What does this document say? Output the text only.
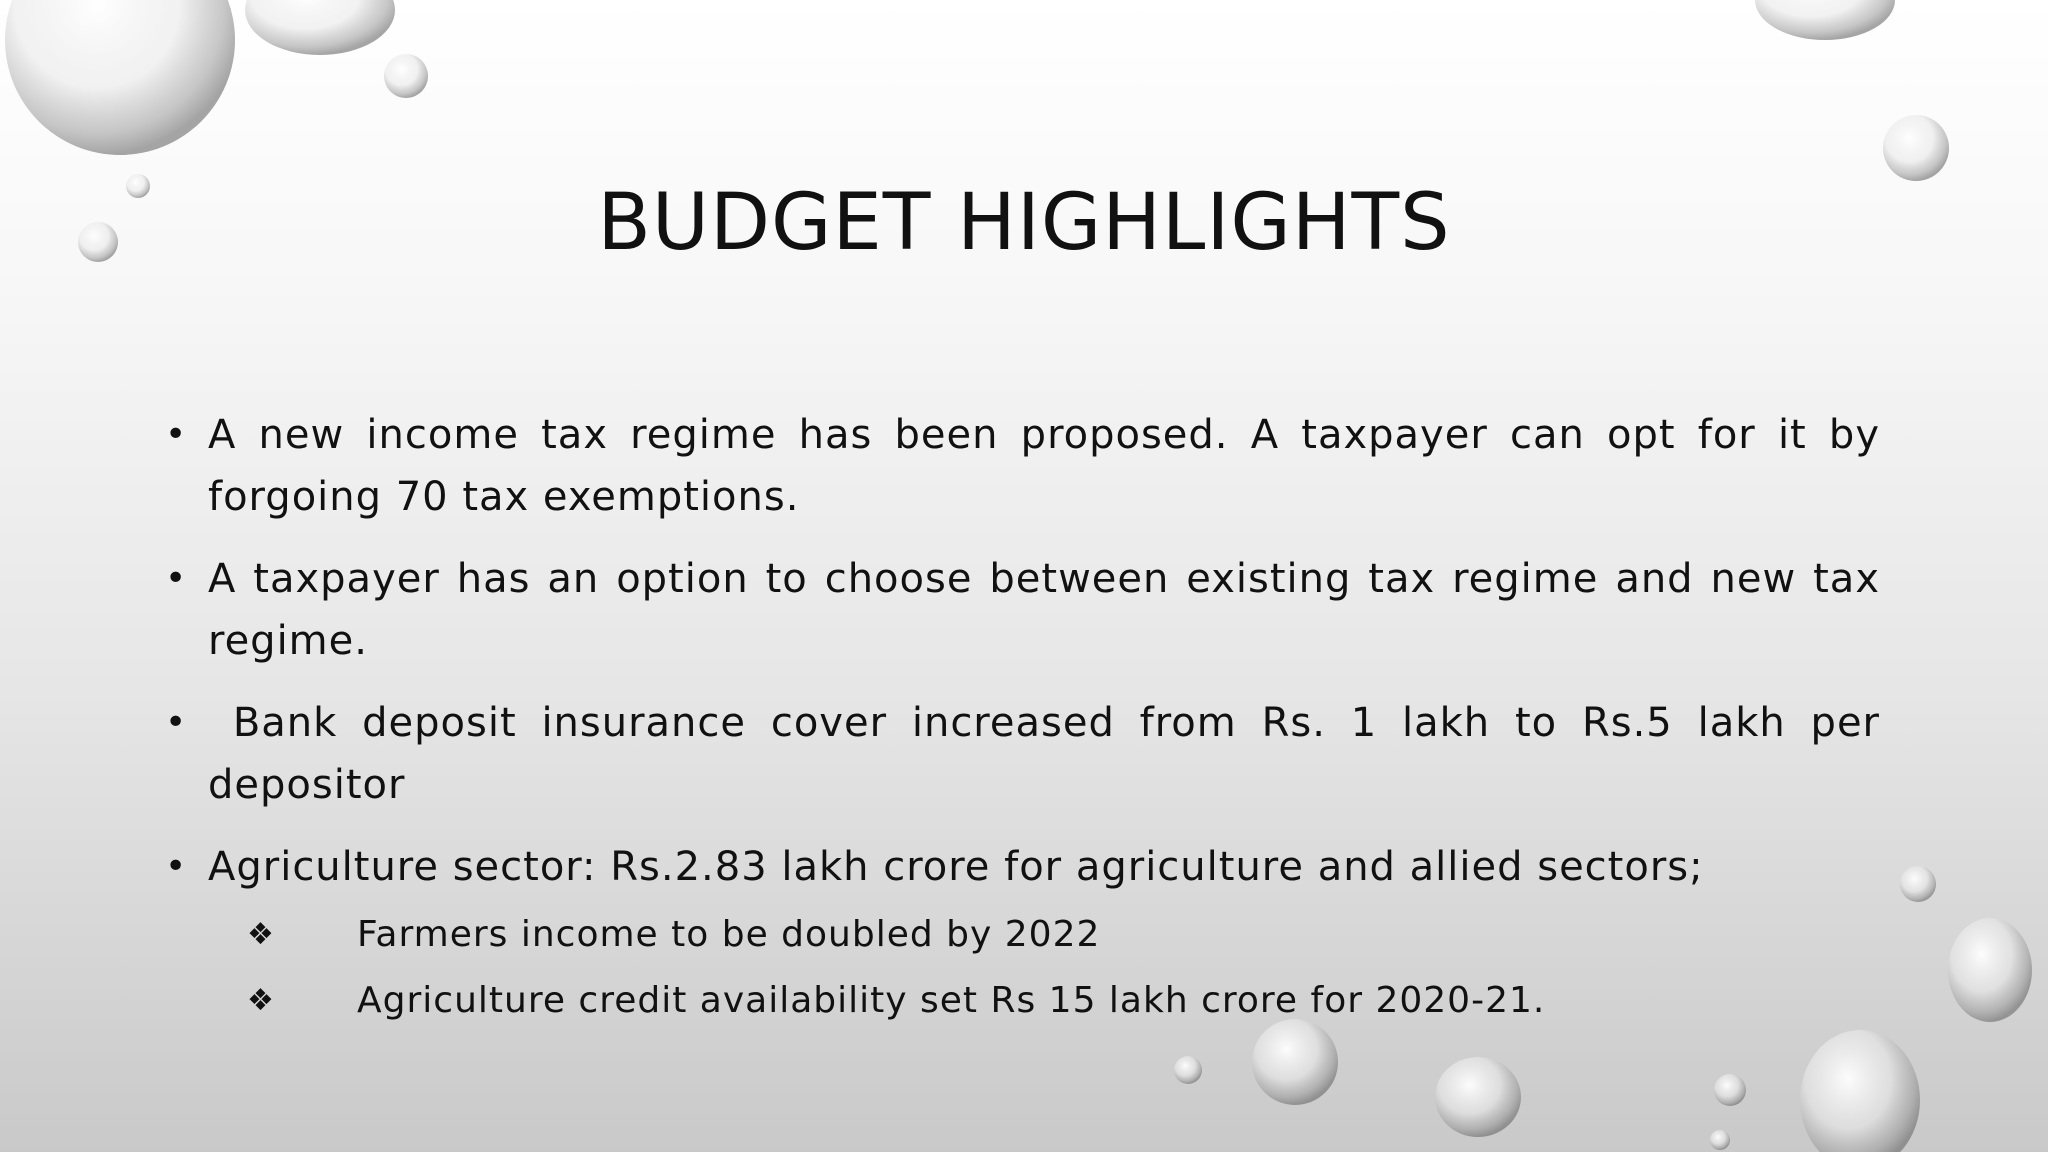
BUDGET HIGHLIGHTS
• A new income tax regime has been proposed. A taxpayer can opt for it by forgoing 70 tax exemptions.
• A taxpayer has an option to choose between existing tax regime and new tax regime.
• Bank deposit insurance cover increased from Rs. 1 lakh to Rs.5 lakh per depositor
• Agriculture sector: Rs.2.83 lakh crore for agriculture and allied sectors;
❖ Farmers income to be doubled by 2022
❖ Agriculture credit availability set Rs 15 lakh crore for 2020-21.
